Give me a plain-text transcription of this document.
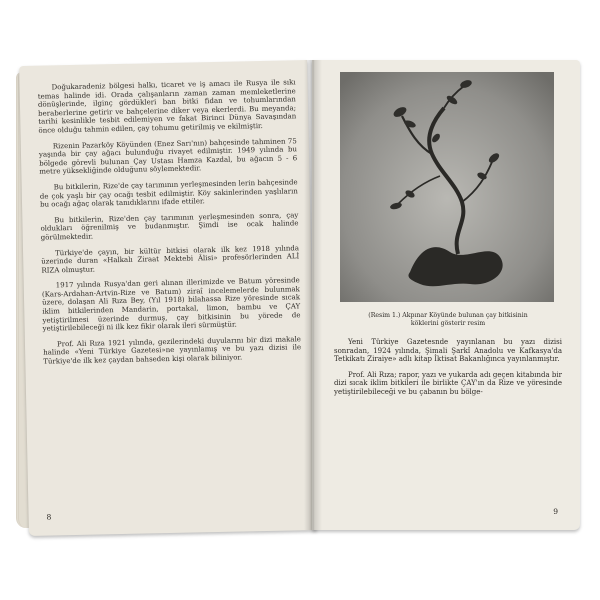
Doğukaradeniz bölgesi halkı, ticaret ve iş amacı ile Rusya ile sıkı temas halinde idi. Orada çalışanların zaman zaman memleketlerine dönüşlerinde, ilginç gördükleri ban bitki fidan ve tohumlarından beraberlerine getirir ve bahçelerine diker veya ekerlerdi. Bu meyanda; tarihi kesinlikle tesbit edilemiyen ve fakat Birinci Dünya Savaşından önce olduğu tahmin edilen, çay tohumu getirilmiş ve ekilmiştir.

Rizenin Pazarköy Köyünden (Enez Sarı'nın) bahçesinde tahminen 75 yaşında bir çay ağacı bulunduğu rivayet edilmiştir. 1949 yılında bu bölgede görevli bulunan Çay Ustası Hamza Kazdal, bu ağacın 5 - 6 metre yüksekliğinde olduğunu söylemektedir.

Bu bitkilerin, Rize'de çay tarımının yerleşmesinden lerin bahçesinde de çok yaşlı bir çay ocağı tesbit edilmiştir. Köy sakinlerinden yaşlıların bu ocağı ağaç olarak tanıdıklarını ifade ettiler.

Bu bitkilerin, Rize'den çay tarımının yerleşmesinden sonra, çay oldukları öğrenilmiş ve budanmıştır. Şimdi ise ocak halinde görülmektedir.

Türkiye'de çayın, bir kültür bitkisi olarak ilk kez 1918 yılında üzerinde duran «Halkalı Ziraat Mektebi Âlisi» profesörlerinden ALİ RIZA olmuştur.

1917 yılında Rusya'dan geri alınan illerimizde ve Batum yöresinde (Kars-Ardahan-Artvin-Rize ve Batum) ziraî incelemelerde bulunmak üzere, dolaşan Ali Rıza Bey, (Yıl 1918) bilahassa Rize yöresinde sıcak iklim bitkilerinden Mandarin, portakal, limon, bambu ve ÇAY yetiştirilmesi üzerinde durmuş, çay bitkisinin bu yörede de yetiştirilebileceği ni ilk kez fikir olarak ileri sürmüştür.

Prof. Ali Rıza 1921 yılında, gezilerindeki duyularını bir dizi makale halinde «Yeni Türkiye Gazetesi»ne yayınlamış ve bu yazı dizisi ile Türkiye'de ilk kez çaydan bahseden kişi olarak biliniyor.

8
(Resim 1.) Akpınar Köyünde bulunan çay bitkisinin köklerini gösterir resim

Yeni Türkiye Gazetesnde yayınlanan bu yazı dizisi sonradan, 1924 yılında, Şimali Şarkî Anadolu ve Kafkasya'da Tetkikatı Ziraiye» adlı kitap İktisat Bakanlığınca yayınlanmıştır.

Prof. Ali Rıza; rapor, yazı ve yukarda adı geçen kitabında bir dizi sıcak iklim bitkileri ile birlikte ÇAY'ın da Rize ve yöresinde yetiştirilebileceği ve bu çabanın bu bölge-

9
